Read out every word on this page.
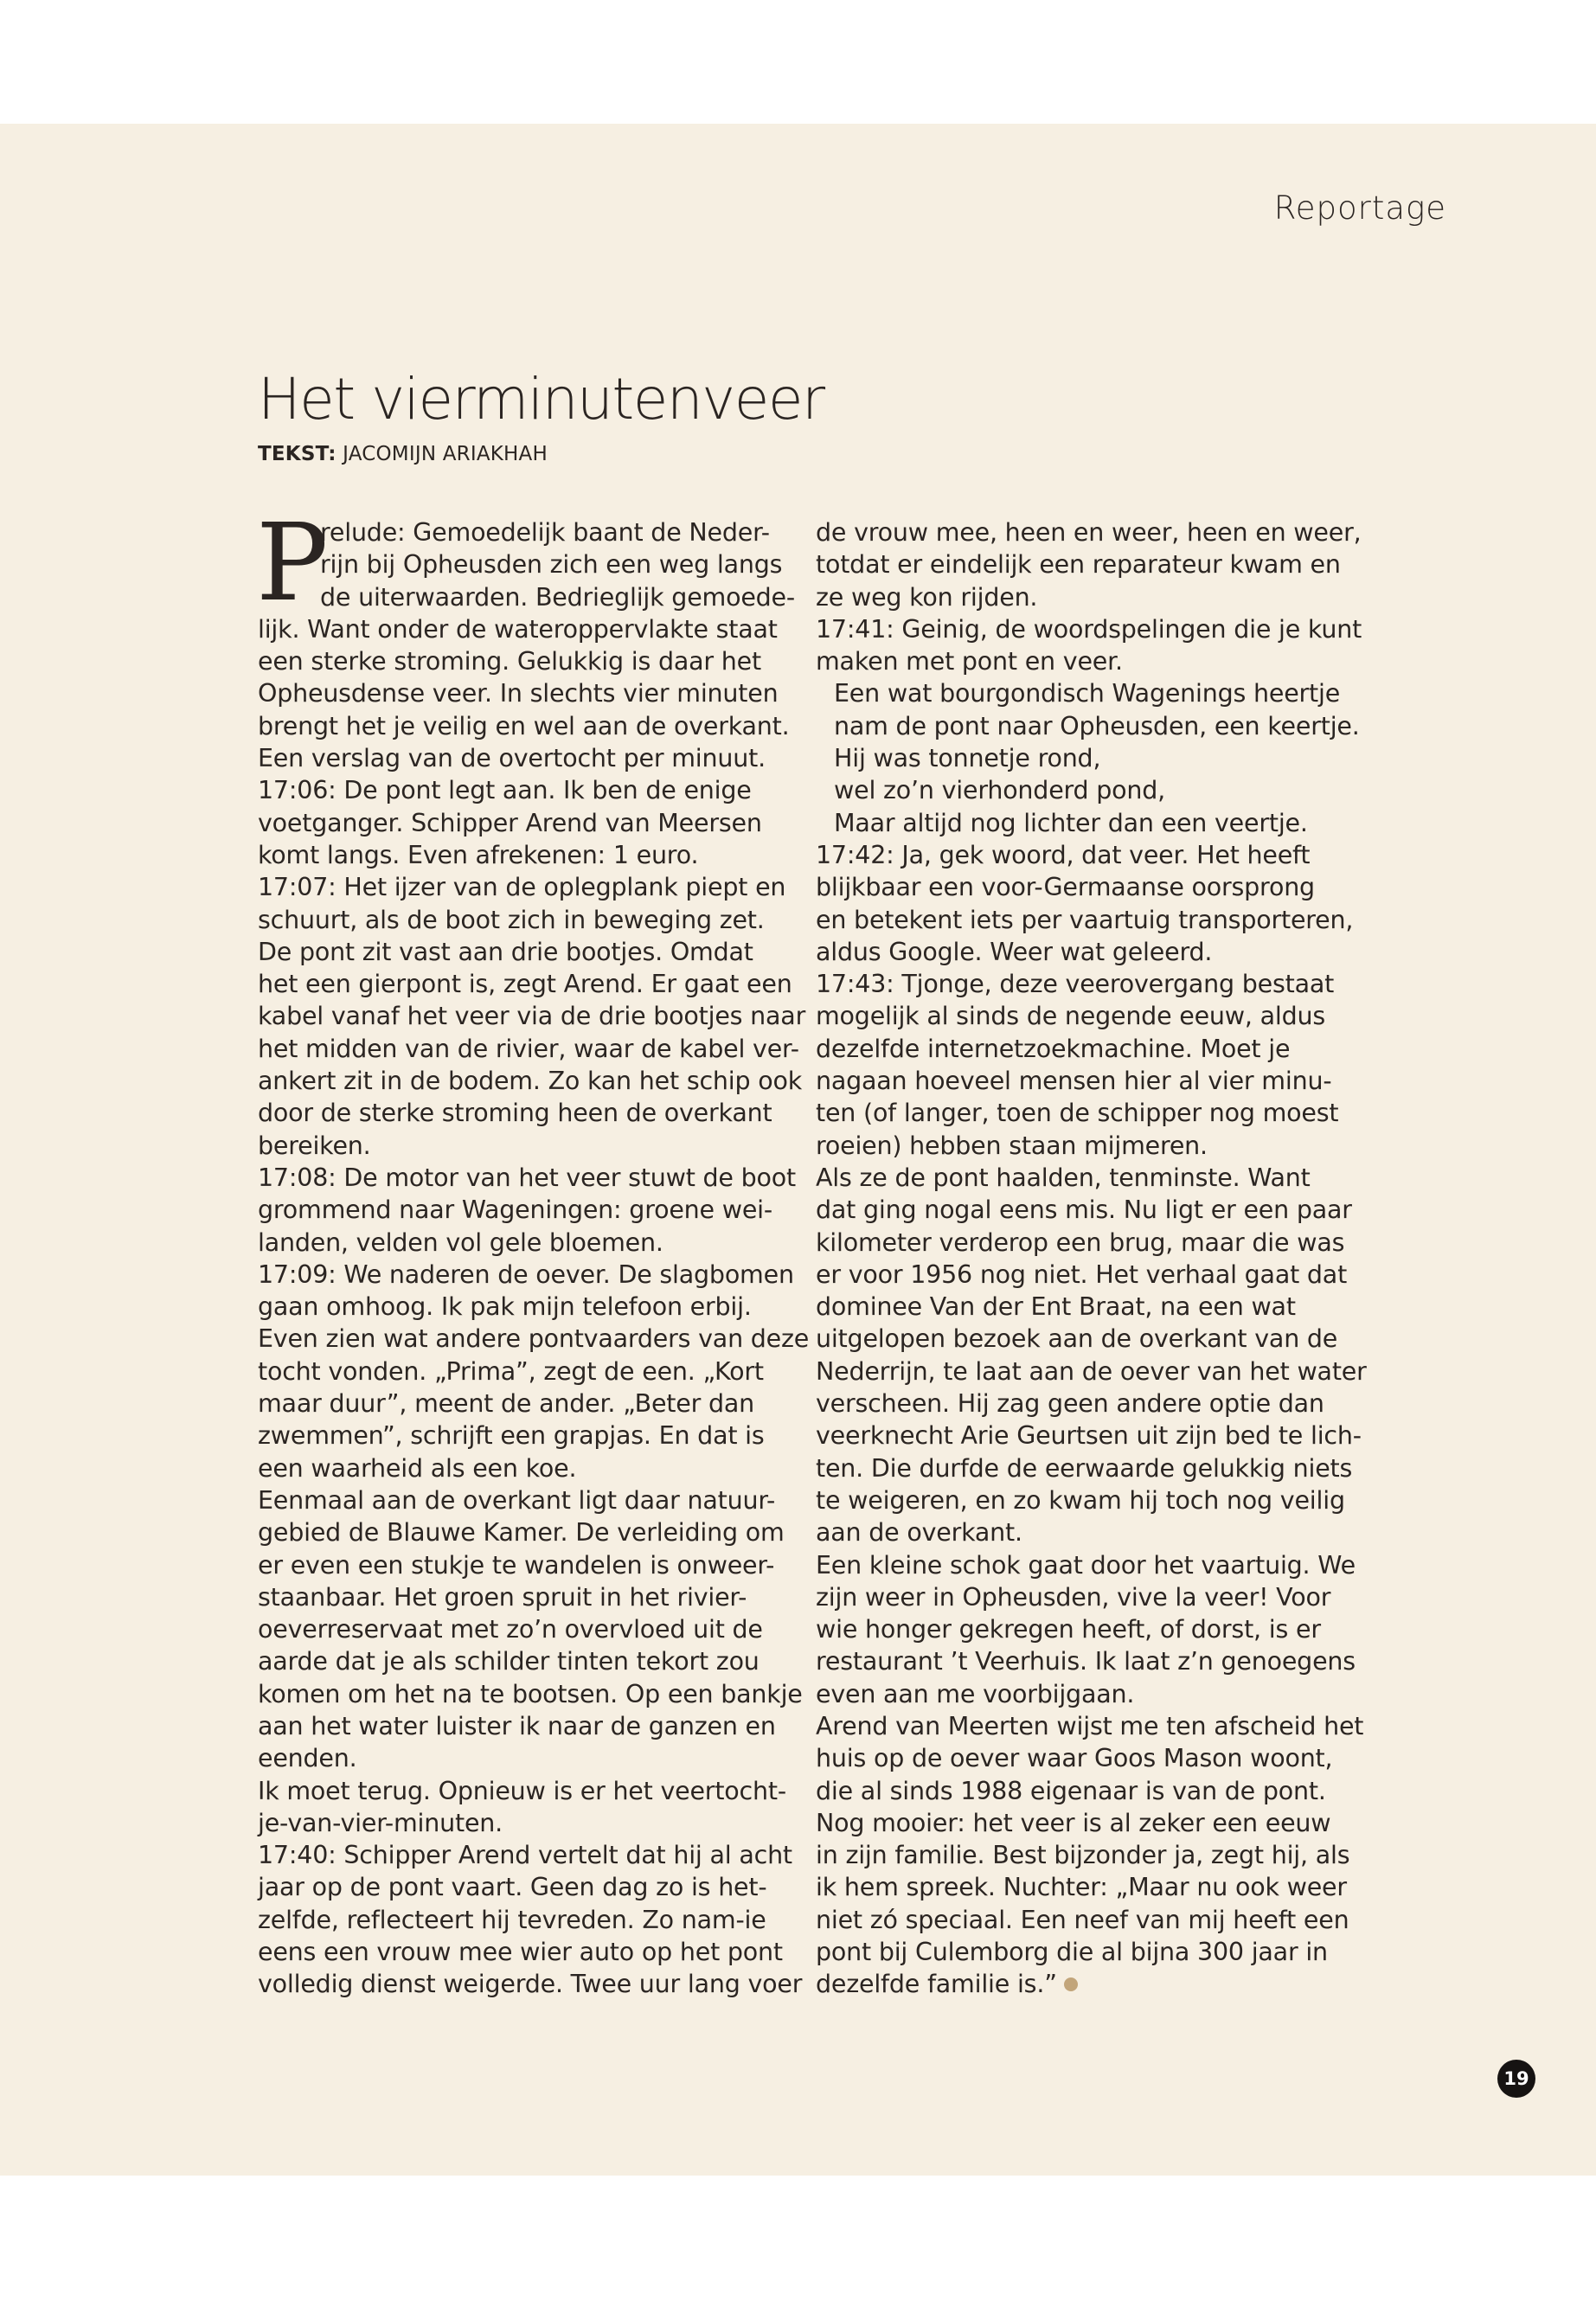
Reportage
Het vierminutenveer
TEKST: JACOMIJN ARIAKHAH
P
relude: Gemoedelijk baant de Neder-
rijn bij Opheusden zich een weg langs
de uiterwaarden. Bedrieglijk gemoede-
lijk. Want onder de wateroppervlakte staat
een sterke stroming. Gelukkig is daar het
Opheusdense veer. In slechts vier minuten
brengt het je veilig en wel aan de overkant.
Een verslag van de overtocht per minuut.
17:06: De pont legt aan. Ik ben de enige
voetganger. Schipper Arend van Meersen
komt langs. Even afrekenen: 1 euro.
17:07: Het ijzer van de oplegplank piept en
schuurt, als de boot zich in beweging zet.
De pont zit vast aan drie bootjes. Omdat
het een gierpont is, zegt Arend. Er gaat een
kabel vanaf het veer via de drie bootjes naar
het midden van de rivier, waar de kabel ver-
ankert zit in de bodem. Zo kan het schip ook
door de sterke stroming heen de overkant
bereiken.
17:08: De motor van het veer stuwt de boot
grommend naar Wageningen: groene wei-
landen, velden vol gele bloemen.
17:09: We naderen de oever. De slagbomen
gaan omhoog. Ik pak mijn telefoon erbij.
Even zien wat andere pontvaarders van deze
tocht vonden. „Prima”, zegt de een. „Kort
maar duur”, meent de ander. „Beter dan
zwemmen”, schrijft een grapjas. En dat is
een waarheid als een koe.
Eenmaal aan de overkant ligt daar natuur-
gebied de Blauwe Kamer. De verleiding om
er even een stukje te wandelen is onweer-
staanbaar. Het groen spruit in het rivier-
oeverreservaat met zo’n overvloed uit de
aarde dat je als schilder tinten tekort zou
komen om het na te bootsen. Op een bankje
aan het water luister ik naar de ganzen en
eenden.
Ik moet terug. Opnieuw is er het veertocht-
je-van-vier-minuten.
17:40: Schipper Arend vertelt dat hij al acht
jaar op de pont vaart. Geen dag zo is het-
zelfde, reflecteert hij tevreden. Zo nam-ie
eens een vrouw mee wier auto op het pont
volledig dienst weigerde. Twee uur lang voer
de vrouw mee, heen en weer, heen en weer,
totdat er eindelijk een reparateur kwam en
ze weg kon rijden.
17:41: Geinig, de woordspelingen die je kunt
maken met pont en veer.
Een wat bourgondisch Wagenings heertje
nam de pont naar Opheusden, een keertje.
Hij was tonnetje rond,
wel zo’n vierhonderd pond,
Maar altijd nog lichter dan een veertje.
17:42: Ja, gek woord, dat veer. Het heeft
blijkbaar een voor-Germaanse oorsprong
en betekent iets per vaartuig transporteren,
aldus Google. Weer wat geleerd.
17:43: Tjonge, deze veerovergang bestaat
mogelijk al sinds de negende eeuw, aldus
dezelfde internetzoekmachine. Moet je
nagaan hoeveel mensen hier al vier minu-
ten (of langer, toen de schipper nog moest
roeien) hebben staan mijmeren.
Als ze de pont haalden, tenminste. Want
dat ging nogal eens mis. Nu ligt er een paar
kilometer verderop een brug, maar die was
er voor 1956 nog niet. Het verhaal gaat dat
dominee Van der Ent Braat, na een wat
uitgelopen bezoek aan de overkant van de
Nederrijn, te laat aan de oever van het water
verscheen. Hij zag geen andere optie dan
veerknecht Arie Geurtsen uit zijn bed te lich-
ten. Die durfde de eerwaarde gelukkig niets
te weigeren, en zo kwam hij toch nog veilig
aan de overkant.
Een kleine schok gaat door het vaartuig. We
zijn weer in Opheusden, vive la veer! Voor
wie honger gekregen heeft, of dorst, is er
restaurant ’t Veerhuis. Ik laat z’n genoegens
even aan me voorbijgaan.
Arend van Meerten wijst me ten afscheid het
huis op de oever waar Goos Mason woont,
die al sinds 1988 eigenaar is van de pont.
Nog mooier: het veer is al zeker een eeuw
in zijn familie. Best bijzonder ja, zegt hij, als
ik hem spreek. Nuchter: „Maar nu ook weer
niet zó speciaal. Een neef van mij heeft een
pont bij Culemborg die al bijna 300 jaar in
dezelfde familie is.”
19
